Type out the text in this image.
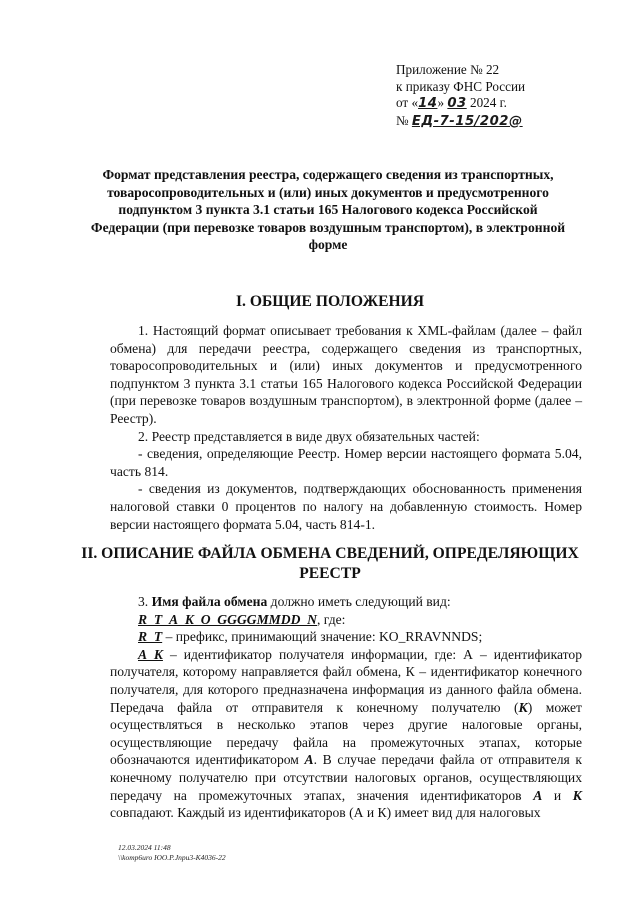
Приложение № 22
к приказу ФНС России
от «14» 03 2024 г.
№ ЕД-7-15/202@
Формат представления реестра, содержащего сведения из транспортных, товаросопроводительных и (или) иных документов и предусмотренного подпунктом 3 пункта 3.1 статьи 165 Налогового кодекса Российской Федерации (при перевозке товаров воздушным транспортом), в электронной форме
I. ОБЩИЕ ПОЛОЖЕНИЯ

1. Настоящий формат описывает требования к XML-файлам (далее – файл обмена) для передачи реестра, содержащего сведения из транспортных, товаросопроводительных и (или) иных документов и предусмотренного подпунктом 3 пункта 3.1 статьи 165 Налогового кодекса Российской Федерации (при перевозке товаров воздушным транспортом), в электронной форме (далее – Реестр).

2. Реестр представляется в виде двух обязательных частей:

- сведения, определяющие Реестр. Номер версии настоящего формата 5.04, часть 814.

- сведения из документов, подтверждающих обоснованность применения налоговой ставки 0 процентов по налогу на добавленную стоимость. Номер версии настоящего формата 5.04, часть 814-1.

II. ОПИСАНИЕ ФАЙЛА ОБМЕНА СВЕДЕНИЙ, ОПРЕДЕЛЯЮЩИХ РЕЕСТР

3. Имя файла обмена должно иметь следующий вид:

R_T_A_K_O_GGGGMMDD_N, где:

R_T – префикс, принимающий значение: KO_RRAVNNDS;

A_K – идентификатор получателя информации, где: А – идентификатор получателя, которому направляется файл обмена, К – идентификатор конечного получателя, для которого предназначена информация из данного файла обмена. Передача файла от отправителя к конечному получателю (К) может осуществляться в несколько этапов через другие налоговые органы, осуществляющие передачу файла на промежуточных этапах, которые обозначаются идентификатором А. В случае передачи файла от отправителя к конечному получателю при отсутствии налоговых органов, осуществляющих передачу на промежуточных этапах, значения идентификаторов А и К совпадают. Каждый из идентификаторов (А и К) имеет вид для налоговых

12.03.2024 11:48
\\komp6uro ЮО.Р.Jnpu3-K4036-22
